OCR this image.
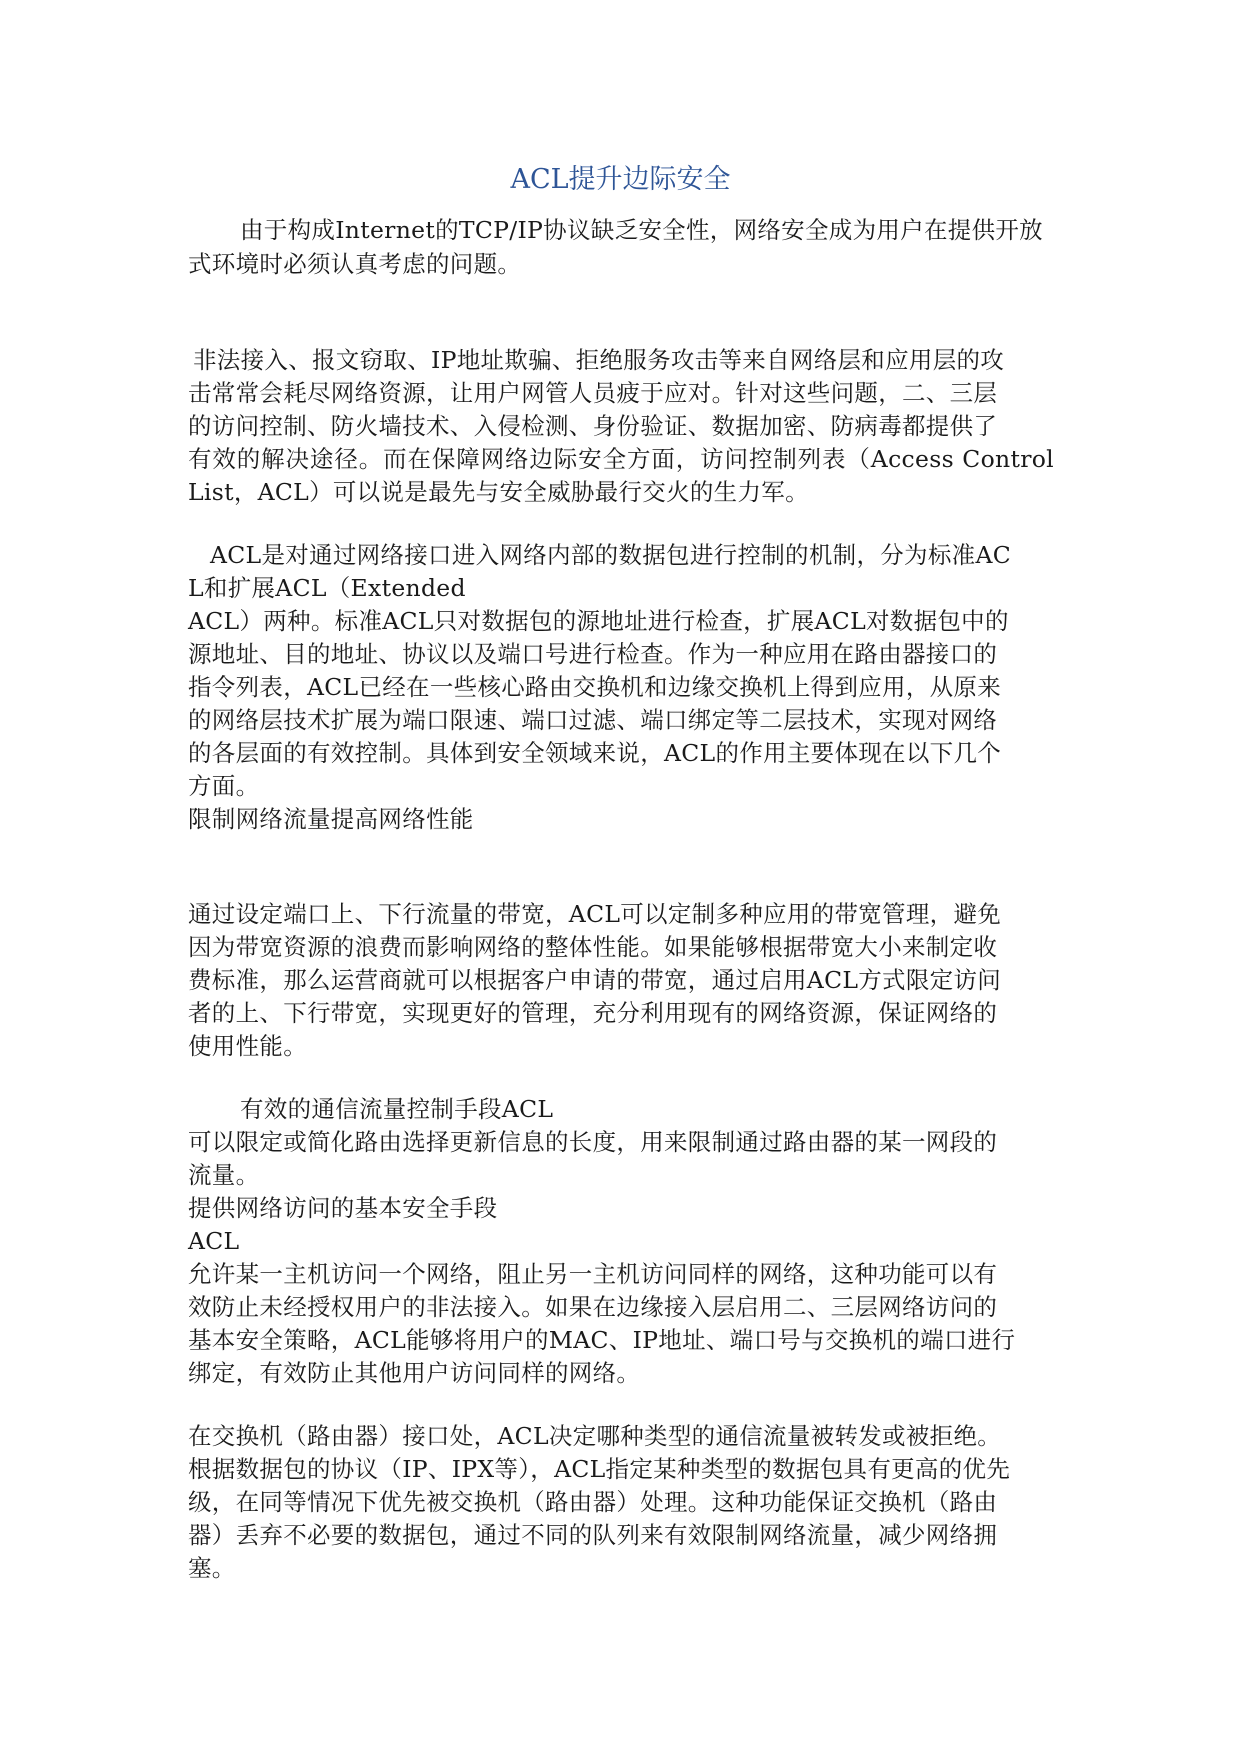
ACL提升边际安全
由于构成Internet的TCP/IP协议缺乏安全性，网络安全成为用户在提供开放
式环境时必须认真考虑的问题。
非法接入、报文窃取、IP地址欺骗、拒绝服务攻击等来自网络层和应用层的攻
击常常会耗尽网络资源，让用户网管人员疲于应对。针对这些问题，二、三层
的访问控制、防火墙技术、入侵检测、身份验证、数据加密、防病毒都提供了
有效的解决途径。而在保障网络边际安全方面，访问控制列表（Access Control
List，ACL）可以说是最先与安全威胁最行交火的生力军。
ACL是对通过网络接口进入网络内部的数据包进行控制的机制，分为标准AC
L和扩展ACL（Extended
ACL）两种。标准ACL只对数据包的源地址进行检查，扩展ACL对数据包中的
源地址、目的地址、协议以及端口号进行检查。作为一种应用在路由器接口的
指令列表，ACL已经在一些核心路由交换机和边缘交换机上得到应用，从原来
的网络层技术扩展为端口限速、端口过滤、端口绑定等二层技术，实现对网络
的各层面的有效控制。具体到安全领域来说，ACL的作用主要体现在以下几个
方面。
限制网络流量提高网络性能
通过设定端口上、下行流量的带宽，ACL可以定制多种应用的带宽管理，避免
因为带宽资源的浪费而影响网络的整体性能。如果能够根据带宽大小来制定收
费标准，那么运营商就可以根据客户申请的带宽，通过启用ACL方式限定访问
者的上、下行带宽，实现更好的管理，充分利用现有的网络资源，保证网络的
使用性能。
有效的通信流量控制手段ACL
可以限定或简化路由选择更新信息的长度，用来限制通过路由器的某一网段的
流量。
提供网络访问的基本安全手段
ACL
允许某一主机访问一个网络，阻止另一主机访问同样的网络，这种功能可以有
效防止未经授权用户的非法接入。如果在边缘接入层启用二、三层网络访问的
基本安全策略，ACL能够将用户的MAC、IP地址、端口号与交换机的端口进行
绑定，有效防止其他用户访问同样的网络。
在交换机（路由器）接口处，ACL决定哪种类型的通信流量被转发或被拒绝。
根据数据包的协议（IP、IPX等），ACL指定某种类型的数据包具有更高的优先
级，在同等情况下优先被交换机（路由器）处理。这种功能保证交换机（路由
器）丢弃不必要的数据包，通过不同的队列来有效限制网络流量，减少网络拥
塞。
